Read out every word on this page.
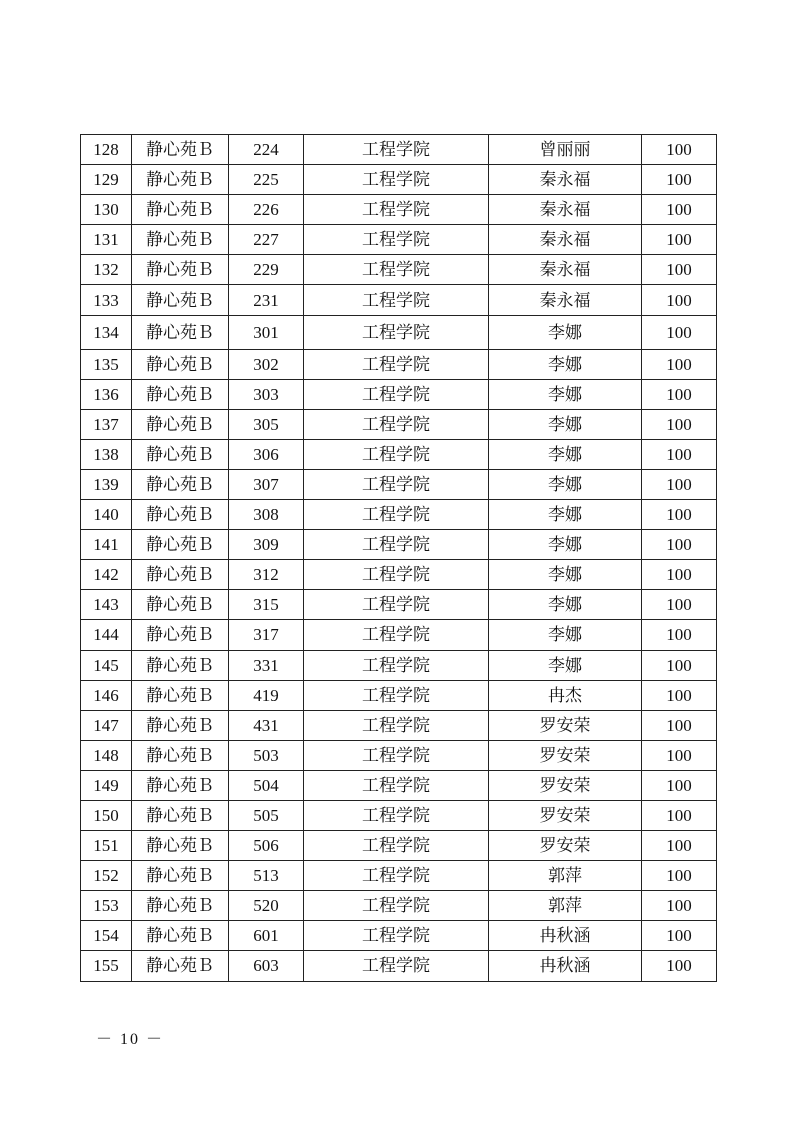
128	静心苑Ｂ	224	工程学院	曾丽丽	100
129	静心苑Ｂ	225	工程学院	秦永福	100
130	静心苑Ｂ	226	工程学院	秦永福	100
131	静心苑Ｂ	227	工程学院	秦永福	100
132	静心苑Ｂ	229	工程学院	秦永福	100
133	静心苑Ｂ	231	工程学院	秦永福	100
134	静心苑Ｂ	301	工程学院	李娜	100
135	静心苑Ｂ	302	工程学院	李娜	100
136	静心苑Ｂ	303	工程学院	李娜	100
137	静心苑Ｂ	305	工程学院	李娜	100
138	静心苑Ｂ	306	工程学院	李娜	100
139	静心苑Ｂ	307	工程学院	李娜	100
140	静心苑Ｂ	308	工程学院	李娜	100
141	静心苑Ｂ	309	工程学院	李娜	100
142	静心苑Ｂ	312	工程学院	李娜	100
143	静心苑Ｂ	315	工程学院	李娜	100
144	静心苑Ｂ	317	工程学院	李娜	100
145	静心苑Ｂ	331	工程学院	李娜	100
146	静心苑Ｂ	419	工程学院	冉杰	100
147	静心苑Ｂ	431	工程学院	罗安荣	100
148	静心苑Ｂ	503	工程学院	罗安荣	100
149	静心苑Ｂ	504	工程学院	罗安荣	100
150	静心苑Ｂ	505	工程学院	罗安荣	100
151	静心苑Ｂ	506	工程学院	罗安荣	100
152	静心苑Ｂ	513	工程学院	郭萍	100
153	静心苑Ｂ	520	工程学院	郭萍	100
154	静心苑Ｂ	601	工程学院	冉秋涵	100
155	静心苑Ｂ	603	工程学院	冉秋涵	100
－ 10 －
